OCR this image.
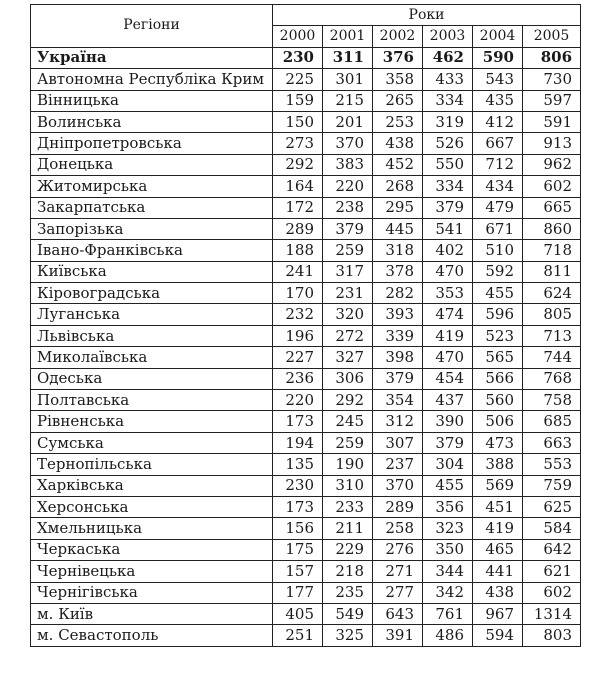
Регіони	Роки					
	2000	2001	2002	2003	2004	2005
Україна	230	311	376	462	590	806
Автономна Республіка Крим	225	301	358	433	543	730
Вінницька	159	215	265	334	435	597
Волинська	150	201	253	319	412	591
Дніпропетровська	273	370	438	526	667	913
Донецька	292	383	452	550	712	962
Житомирська	164	220	268	334	434	602
Закарпатська	172	238	295	379	479	665
Запорізька	289	379	445	541	671	860
Івано-Франківська	188	259	318	402	510	718
Київська	241	317	378	470	592	811
Кіровоградська	170	231	282	353	455	624
Луганська	232	320	393	474	596	805
Львівська	196	272	339	419	523	713
Миколаївська	227	327	398	470	565	744
Одеська	236	306	379	454	566	768
Полтавська	220	292	354	437	560	758
Рівненська	173	245	312	390	506	685
Сумська	194	259	307	379	473	663
Тернопільська	135	190	237	304	388	553
Харківська	230	310	370	455	569	759
Херсонська	173	233	289	356	451	625
Хмельницька	156	211	258	323	419	584
Черкаська	175	229	276	350	465	642
Чернівецька	157	218	271	344	441	621
Чернігівська	177	235	277	342	438	602
м. Київ	405	549	643	761	967	1314
м. Севастополь	251	325	391	486	594	803
